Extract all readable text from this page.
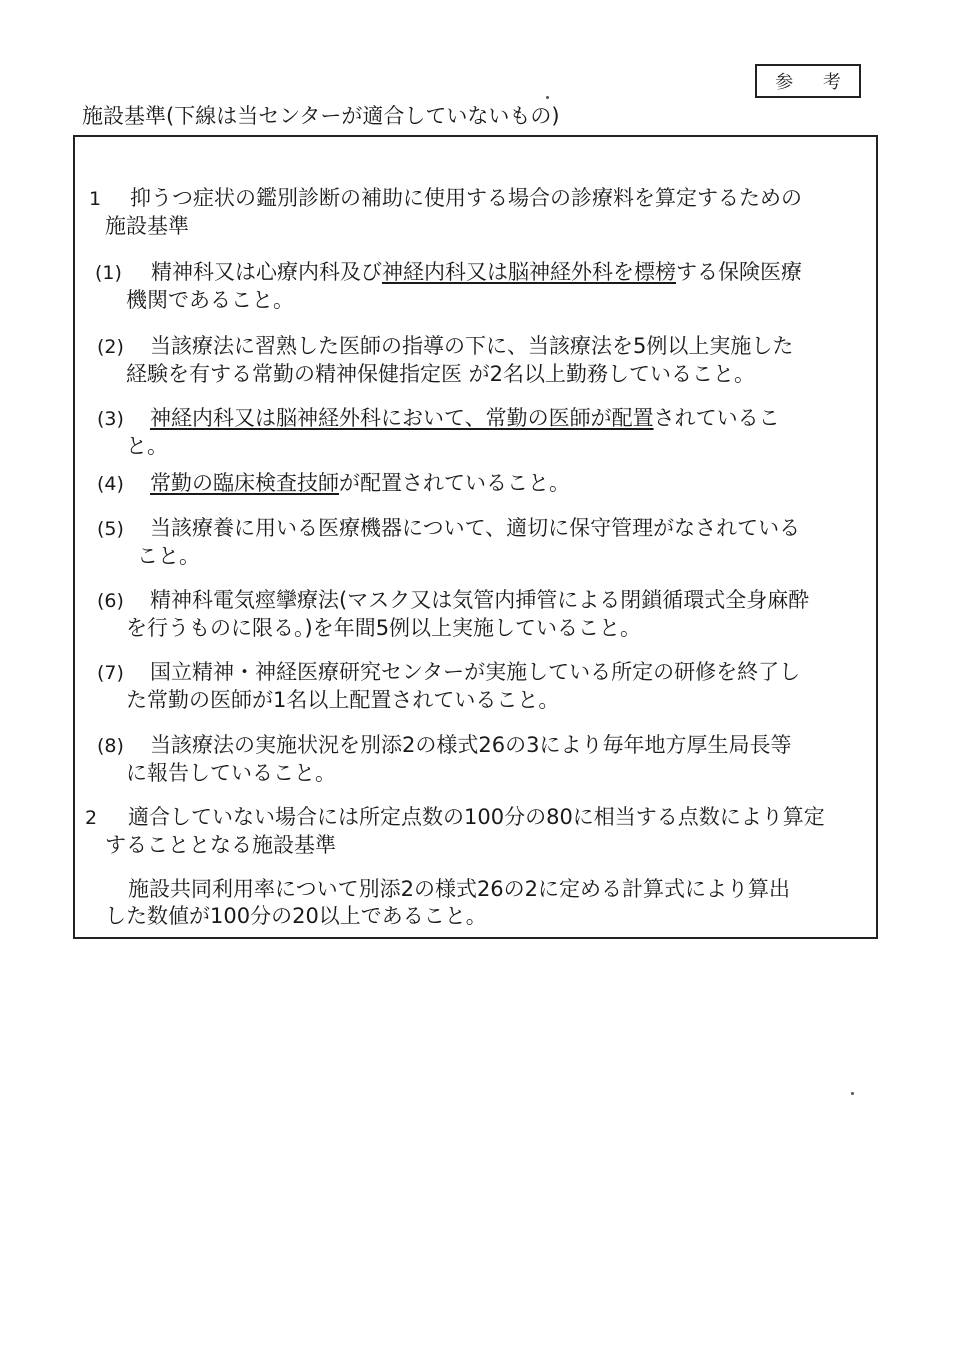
参 考
施設基準(下線は当センターが適合していないもの)
1 抑うつ症状の鑑別診断の補助に使用する場合の診療料を算定するための
施設基準
(1) 精神科又は心療内科及び神経内科又は脳神経外科を標榜する保険医療
機関であること。
(2) 当該療法に習熟した医師の指導の下に、当該療法を5例以上実施した
経験を有する常勤の精神保健指定医 が2名以上勤務していること。
(3) 神経内科又は脳神経外科において、常勤の医師が配置されているこ
と。
(4) 常勤の臨床検査技師が配置されていること。
(5) 当該療養に用いる医療機器について、適切に保守管理がなされている
こと。
(6) 精神科電気痙攣療法(マスク又は気管内挿管による閉鎖循環式全身麻酔
を行うものに限る。)を年間5例以上実施していること。
(7) 国立精神・神経医療研究センターが実施している所定の研修を終了し
た常勤の医師が1名以上配置されていること。
(8) 当該療法の実施状況を別添2の様式26の3により毎年地方厚生局長等
に報告していること。
2 適合していない場合には所定点数の100分の80に相当する点数により算定
することとなる施設基準
施設共同利用率について別添2の様式26の2に定める計算式により算出
した数値が100分の20以上であること。
